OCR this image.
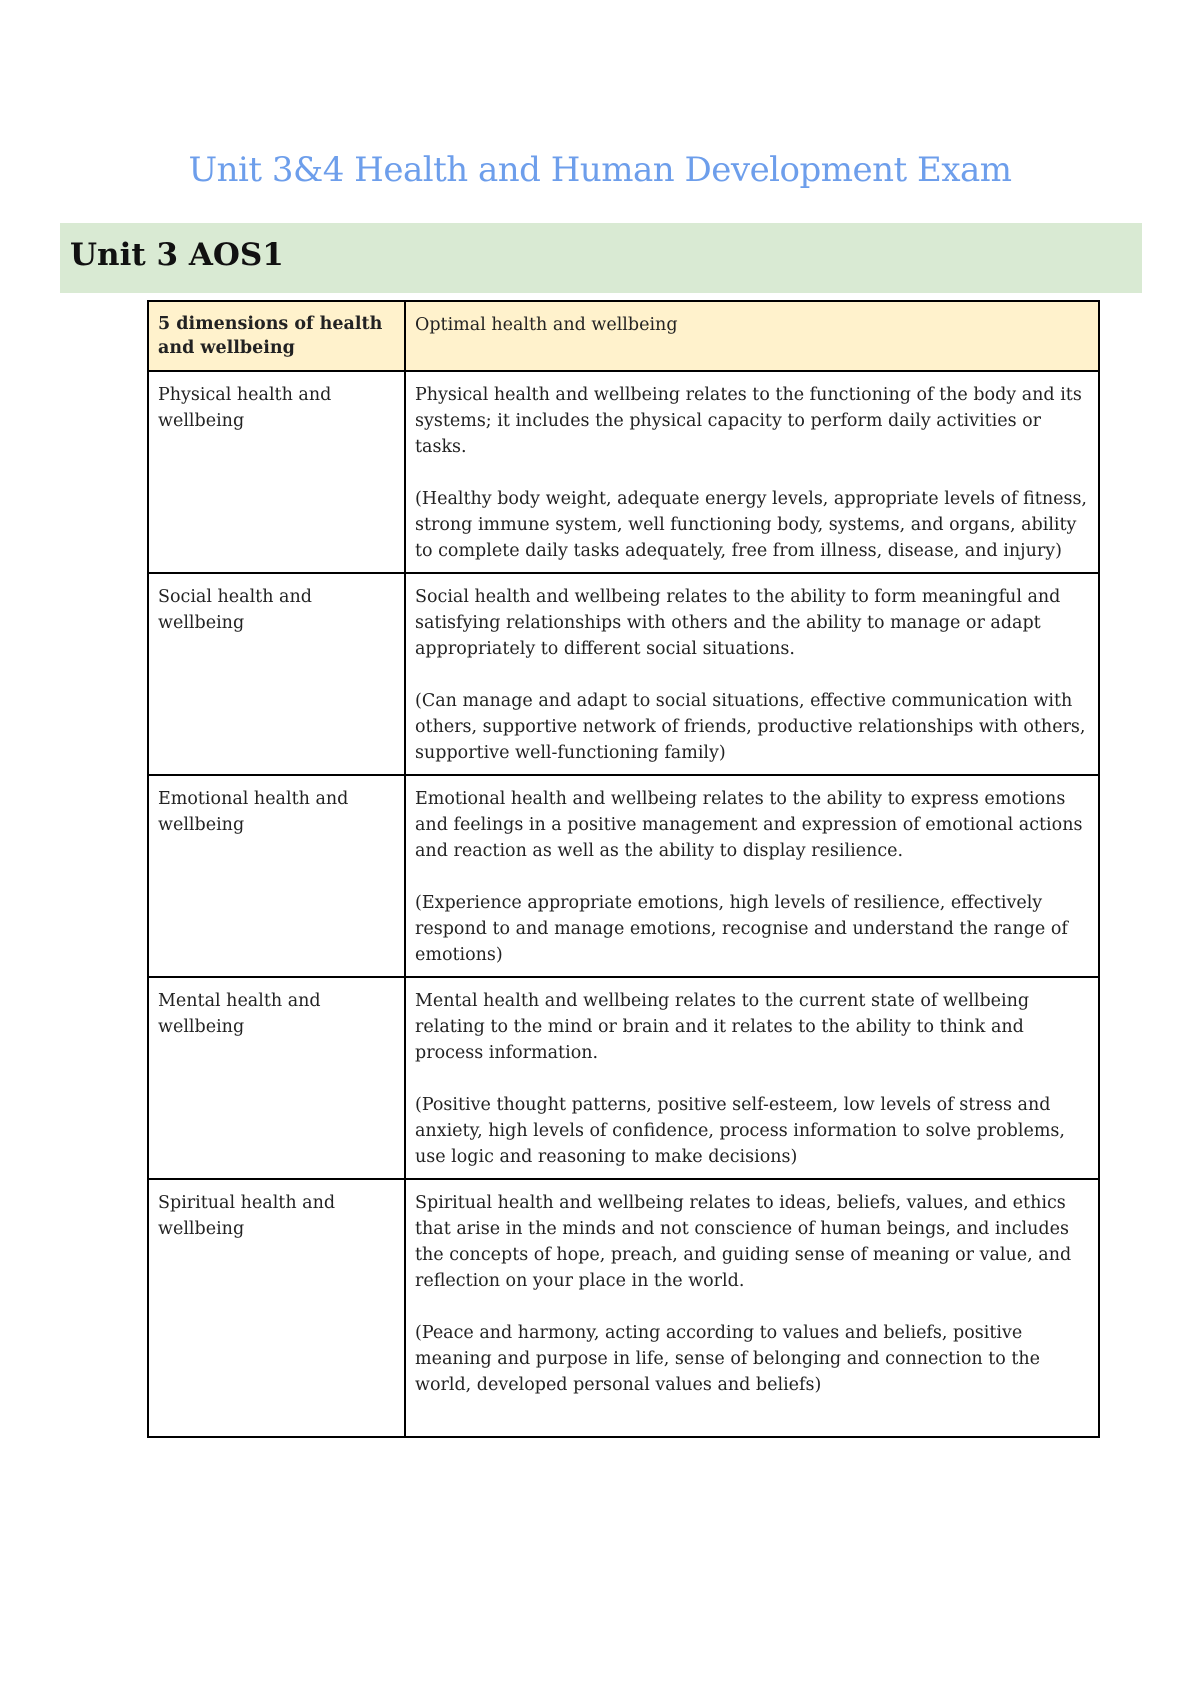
Unit 3&4 Health and Human Development Exam
Unit 3 AOS1
5 dimensions of health and wellbeing	Optimal health and wellbeing
Physical health and wellbeing	Physical health and wellbeing relates to the functioning of the body and its systems; it includes the physical capacity to perform daily activities or tasks.

(Healthy body weight, adequate energy levels, appropriate levels of fitness, strong immune system, well functioning body, systems, and organs, ability to complete daily tasks adequately, free from illness, disease, and injury)

Social health and wellbeing	Social health and wellbeing relates to the ability to form meaningful and satisfying relationships with others and the ability to manage or adapt appropriately to different social situations.

(Can manage and adapt to social situations, effective communication with others, supportive network of friends, productive relationships with others, supportive well-functioning family)

Emotional health and wellbeing	Emotional health and wellbeing relates to the ability to express emotions and feelings in a positive management and expression of emotional actions and reaction as well as the ability to display resilience.

(Experience appropriate emotions, high levels of resilience, effectively respond to and manage emotions, recognise and understand the range of emotions)

Mental health and wellbeing	Mental health and wellbeing relates to the current state of wellbeing relating to the mind or brain and it relates to the ability to think and process information.

(Positive thought patterns, positive self-esteem, low levels of stress and anxiety, high levels of confidence, process information to solve problems, use logic and reasoning to make decisions)

Spiritual health and wellbeing	Spiritual health and wellbeing relates to ideas, beliefs, values, and ethics that arise in the minds and not conscience of human beings, and includes the concepts of hope, preach, and guiding sense of meaning or value, and reflection on your place in the world.

(Peace and harmony, acting according to values and beliefs, positive meaning and purpose in life, sense of belonging and connection to the world, developed personal values and beliefs)
